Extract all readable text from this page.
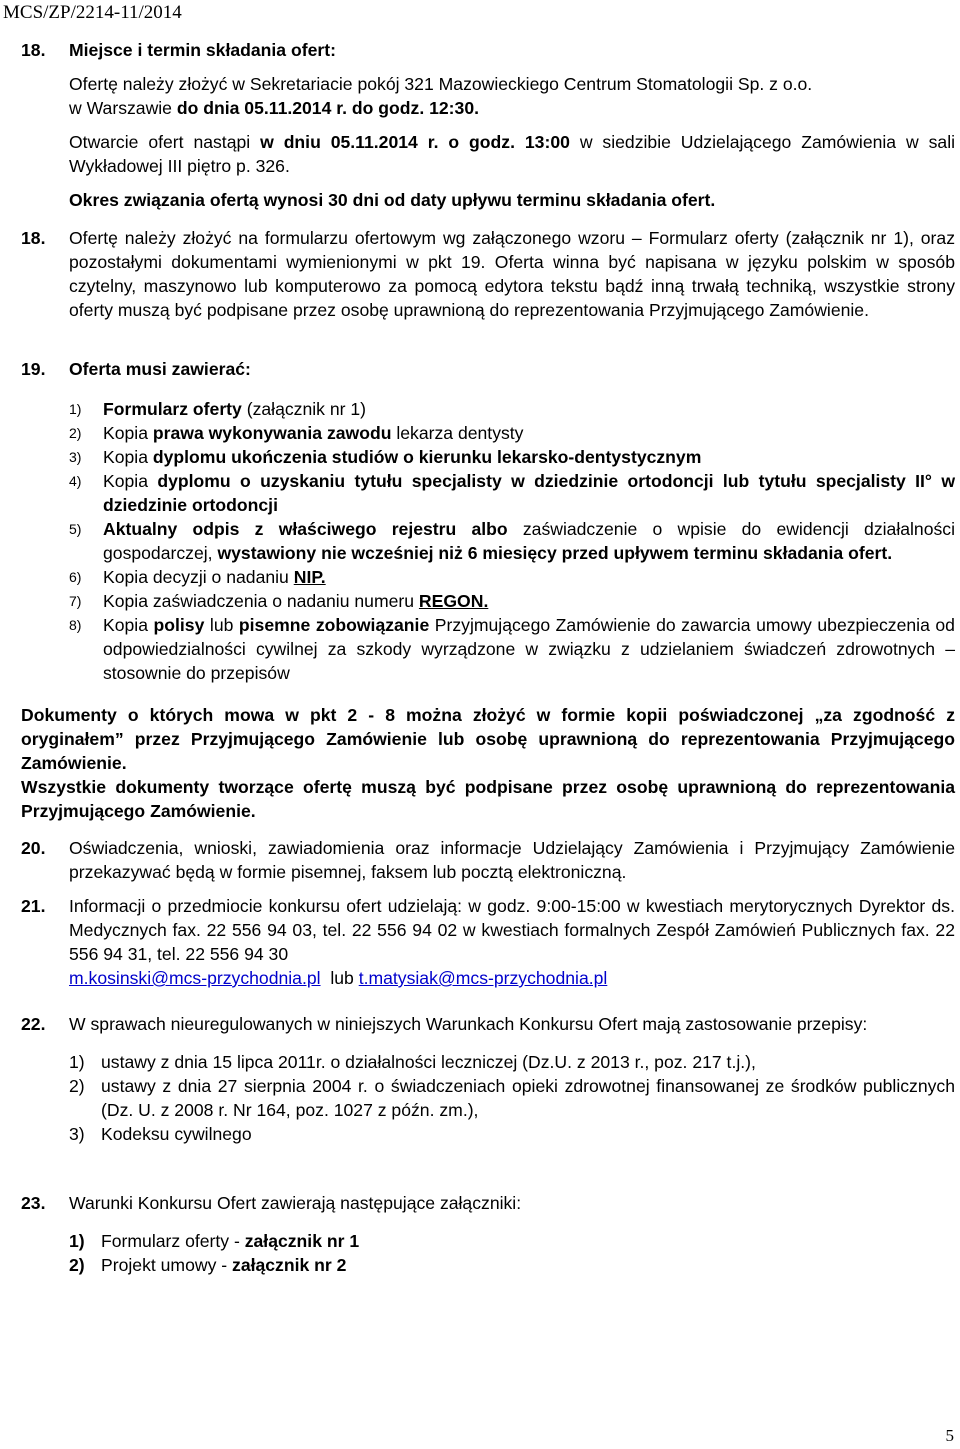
MCS/ZP/2214-11/2014
18. Miejsce i termin składania ofert:
Ofertę należy złożyć w Sekretariacie pokój 321 Mazowieckiego Centrum Stomatologii Sp. z o.o.
w Warszawie do dnia 05.11.2014 r. do godz. 12:30.
Otwarcie ofert nastąpi w dniu 05.11.2014 r. o godz. 13:00 w siedzibie Udzielającego Zamówienia w sali Wykładowej III piętro p. 326.
Okres związania ofertą wynosi 30 dni od daty upływu terminu składania ofert.
18. Ofertę należy złożyć na formularzu ofertowym wg załączonego wzoru – Formularz oferty (załącznik nr 1), oraz pozostałymi dokumentami wymienionymi w pkt 19. Oferta winna być napisana w języku polskim w sposób czytelny, maszynowo lub komputerowo za pomocą edytora tekstu bądź inną trwałą techniką, wszystkie strony oferty muszą być podpisane przez osobę uprawnioną do reprezentowania Przyjmującego Zamówienie.
19. Oferta musi zawierać:
1) Formularz oferty (załącznik nr 1)
2) Kopia prawa wykonywania zawodu lekarza dentysty
3) Kopia dyplomu ukończenia studiów o kierunku lekarsko-dentystycznym
4) Kopia dyplomu o uzyskaniu tytułu specjalisty w dziedzinie ortodoncji lub tytułu specjalisty II° w dziedzinie ortodoncji
5) Aktualny odpis z właściwego rejestru albo zaświadczenie o wpisie do ewidencji działalności gospodarczej, wystawiony nie wcześniej niż 6 miesięcy przed upływem terminu składania ofert.
6) Kopia decyzji o nadaniu NIP.
7) Kopia zaświadczenia o nadaniu numeru REGON.
8) Kopia polisy lub pisemne zobowiązanie Przyjmującego Zamówienie do zawarcia umowy ubezpieczenia od odpowiedzialności cywilnej za szkody wyrządzone w związku z udzielaniem świadczeń zdrowotnych – stosownie do przepisów
Dokumenty o których mowa w pkt 2 - 8 można złożyć w formie kopii poświadczonej „za zgodność z oryginałem” przez Przyjmującego Zamówienie lub osobę uprawnioną do reprezentowania Przyjmującego Zamówienie.
Wszystkie dokumenty tworzące ofertę muszą być podpisane przez osobę uprawnioną do reprezentowania Przyjmującego Zamówienie.
20. Oświadczenia, wnioski, zawiadomienia oraz informacje Udzielający Zamówienia i Przyjmujący Zamówienie przekazywać będą w formie pisemnej, faksem lub pocztą elektroniczną.
21. Informacji o przedmiocie konkursu ofert udzielają: w godz. 9:00-15:00 w kwestiach merytorycznych Dyrektor ds. Medycznych fax. 22 556 94 03, tel. 22 556 94 02 w kwestiach formalnych Zespół Zamówień Publicznych fax. 22 556 94 31, tel. 22 556 94 30
m.kosinski@mcs-przychodnia.pl  lub t.matysiak@mcs-przychodnia.pl
22. W sprawach nieuregulowanych w niniejszych Warunkach Konkursu Ofert mają zastosowanie przepisy:
1) ustawy z dnia 15 lipca 2011r. o działalności leczniczej (Dz.U. z 2013 r., poz. 217 t.j.),
2) ustawy z dnia 27 sierpnia 2004 r. o świadczeniach opieki zdrowotnej finansowanej ze środków publicznych (Dz. U. z 2008 r. Nr 164, poz. 1027 z późn. zm.),
3) Kodeksu cywilnego
23. Warunki Konkursu Ofert zawierają następujące załączniki:
1) Formularz oferty - załącznik nr 1
2) Projekt umowy - załącznik nr 2
5
